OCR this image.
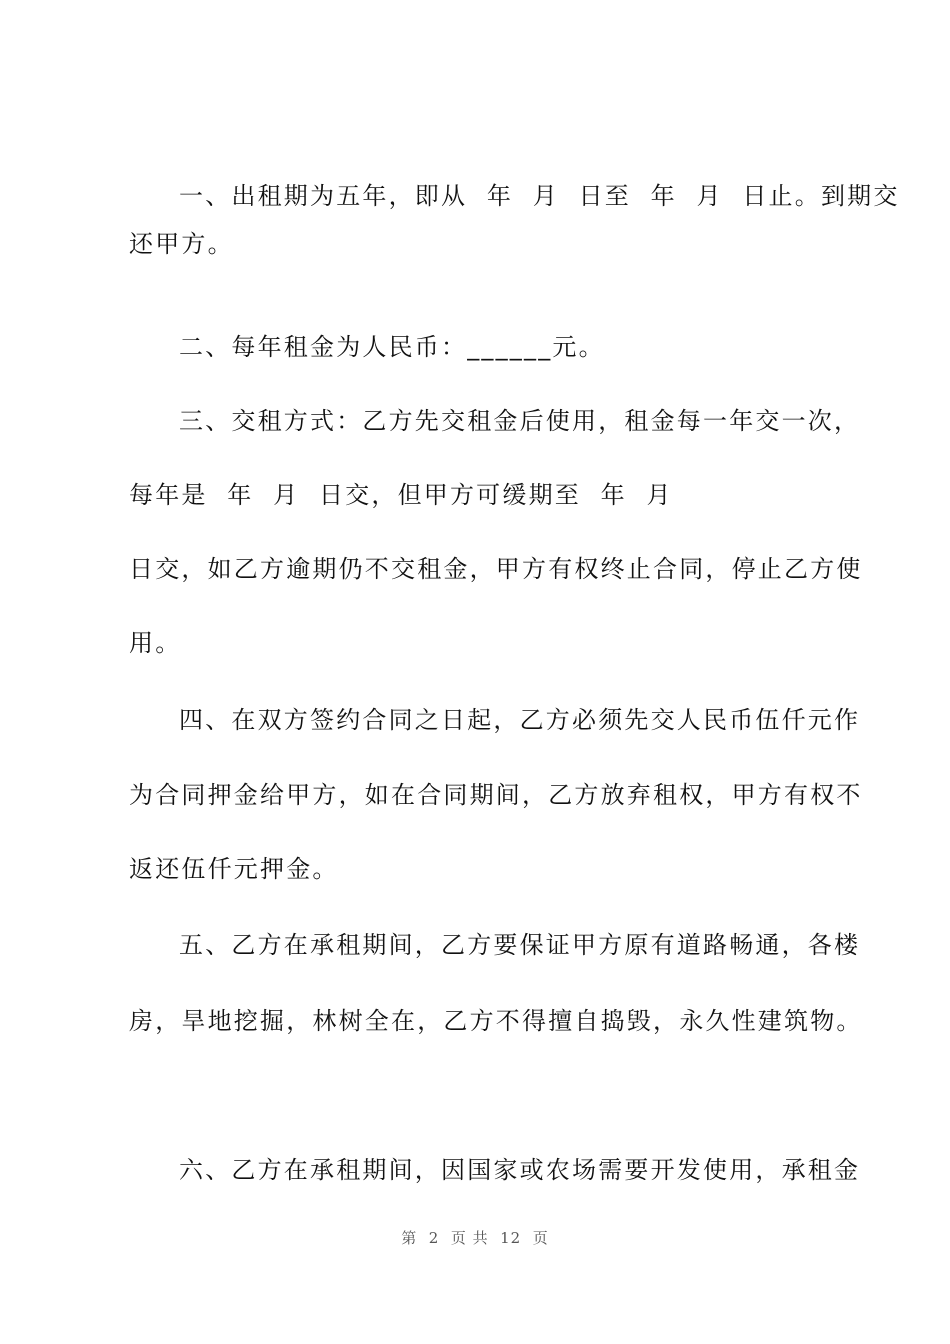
一、出租期为五年，即从  年  月  日至  年  月  日止。到期交
还甲方。
二、每年租金为人民币：______元。
三、交租方式：乙方先交租金后使用，租金每一年交一次，
每年是  年  月  日交，但甲方可缓期至  年  月
日交，如乙方逾期仍不交租金，甲方有权终止合同，停止乙方使
用。
四、在双方签约合同之日起，乙方必须先交人民币伍仟元作
为合同押金给甲方，如在合同期间，乙方放弃租权，甲方有权不
返还伍仟元押金。
五、乙方在承租期间，乙方要保证甲方原有道路畅通，各楼
房，旱地挖掘，林树全在，乙方不得擅自捣毁，永久性建筑物。
六、乙方在承租期间，因国家或农场需要开发使用，承租金
第  2  页 共  12  页
